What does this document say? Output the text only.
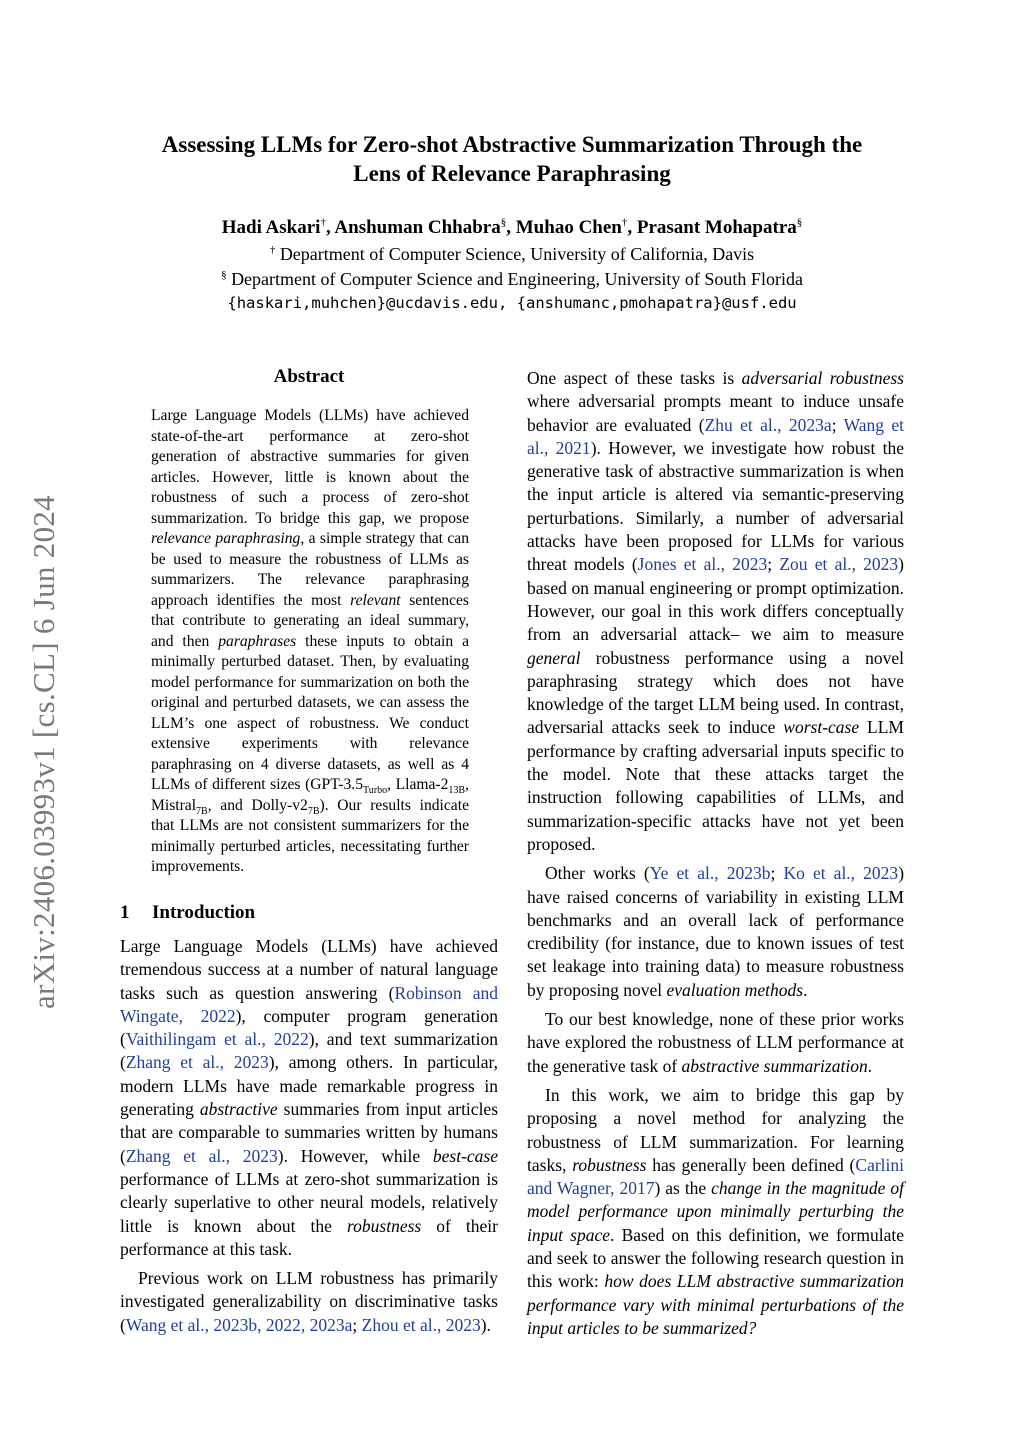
Assessing LLMs for Zero-shot Abstractive Summarization Through the
Lens of Relevance Paraphrasing
Hadi Askari†, Anshuman Chhabra§, Muhao Chen†, Prasant Mohapatra§
† Department of Computer Science, University of California, Davis
§ Department of Computer Science and Engineering, University of South Florida
{haskari,muhchen}@ucdavis.edu, {anshumanc,pmohapatra}@usf.edu
arXiv:2406.03993v1 [cs.CL] 6 Jun 2024
Abstract
Large Language Models (LLMs) have achieved state-of-the-art performance at zero-shot generation of abstractive summaries for given articles. However, little is known about the robustness of such a process of zero-shot summarization. To bridge this gap, we propose relevance paraphrasing, a simple strategy that can be used to measure the robustness of LLMs as summarizers. The relevance paraphrasing approach identifies the most relevant sentences that contribute to generating an ideal summary, and then paraphrases these inputs to obtain a minimally perturbed dataset. Then, by evaluating model performance for summarization on both the original and perturbed datasets, we can assess the LLM’s one aspect of robustness. We conduct extensive experiments with relevance paraphrasing on 4 diverse datasets, as well as 4 LLMs of different sizes ($GPT-3.5_{Turbo}$, Llama-$2_{13B}$, Mistral$_{7B}$, and Dolly-$v2_{7B}$). Our results indicate that LLMs are not consistent summarizers for the minimally perturbed articles, necessitating further improvements.
1 Introduction

Large Language Models (LLMs) have achieved tremendous success at a number of natural language tasks such as question answering (Robinson and Wingate, 2022), computer program generation (Vaithilingam et al., 2022), and text summarization (Zhang et al., 2023), among others. In particular, modern LLMs have made remarkable progress in generating abstractive summaries from input articles that are comparable to summaries written by humans (Zhang et al., 2023). However, while best-case performance of LLMs at zero-shot summarization is clearly superlative to other neural models, relatively little is known about the robustness of their performance at this task.

Previous work on LLM robustness has primarily investigated generalizability on discriminative tasks (Wang et al., 2023b, 2022, 2023a; Zhou et al., 2023).

One aspect of these tasks is adversarial robustness where adversarial prompts meant to induce unsafe behavior are evaluated (Zhu et al., 2023a; Wang et al., 2021). However, we investigate how robust the generative task of abstractive summarization is when the input article is altered via semantic-preserving perturbations. Similarly, a number of adversarial attacks have been proposed for LLMs for various threat models (Jones et al., 2023; Zou et al., 2023) based on manual engineering or prompt optimization. However, our goal in this work differs conceptually from an adversarial attack– we aim to measure general robustness performance using a novel paraphrasing strategy which does not have knowledge of the target LLM being used. In contrast, adversarial attacks seek to induce worst-case LLM performance by crafting adversarial inputs specific to the model. Note that these attacks target the instruction following capabilities of LLMs, and summarization-specific attacks have not yet been proposed.

Other works (Ye et al., 2023b; Ko et al., 2023) have raised concerns of variability in existing LLM benchmarks and an overall lack of performance credibility (for instance, due to known issues of test set leakage into training data) to measure robustness by proposing novel evaluation methods.

To our best knowledge, none of these prior works have explored the robustness of LLM performance at the generative task of abstractive summarization.

In this work, we aim to bridge this gap by proposing a novel method for analyzing the robustness of LLM summarization. For learning tasks, robustness has generally been defined (Carlini and Wagner, 2017) as the change in the magnitude of model performance upon minimally perturbing the input space. Based on this definition, we formulate and seek to answer the following research question in this work: how does LLM abstractive summarization performance vary with minimal perturbations of the input articles to be summarized?
